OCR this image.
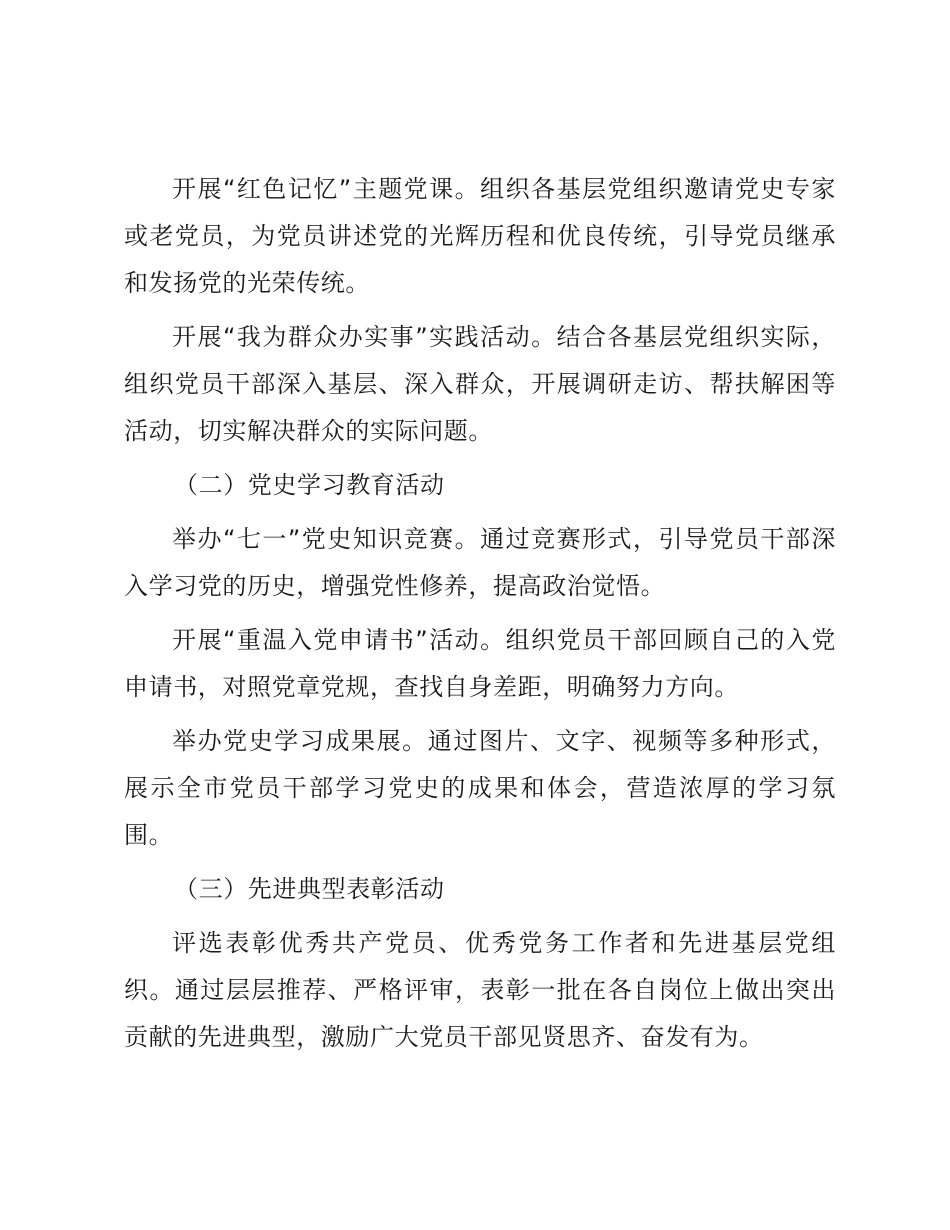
开展“红色记忆”主题党课。组织各基层党组织邀请党史专家或老党员，为党员讲述党的光辉历程和优良传统，引导党员继承和发扬党的光荣传统。

开展“我为群众办实事”实践活动。结合各基层党组织实际，组织党员干部深入基层、深入群众，开展调研走访、帮扶解困等活动，切实解决群众的实际问题。

（二）党史学习教育活动

举办“七一”党史知识竞赛。通过竞赛形式，引导党员干部深入学习党的历史，增强党性修养，提高政治觉悟。

开展“重温入党申请书”活动。组织党员干部回顾自己的入党申请书，对照党章党规，查找自身差距，明确努力方向。

举办党史学习成果展。通过图片、文字、视频等多种形式，展示全市党员干部学习党史的成果和体会，营造浓厚的学习氛围。

（三）先进典型表彰活动

评选表彰优秀共产党员、优秀党务工作者和先进基层党组织。通过层层推荐、严格评审，表彰一批在各自岗位上做出突出贡献的先进典型，激励广大党员干部见贤思齐、奋发有为。
